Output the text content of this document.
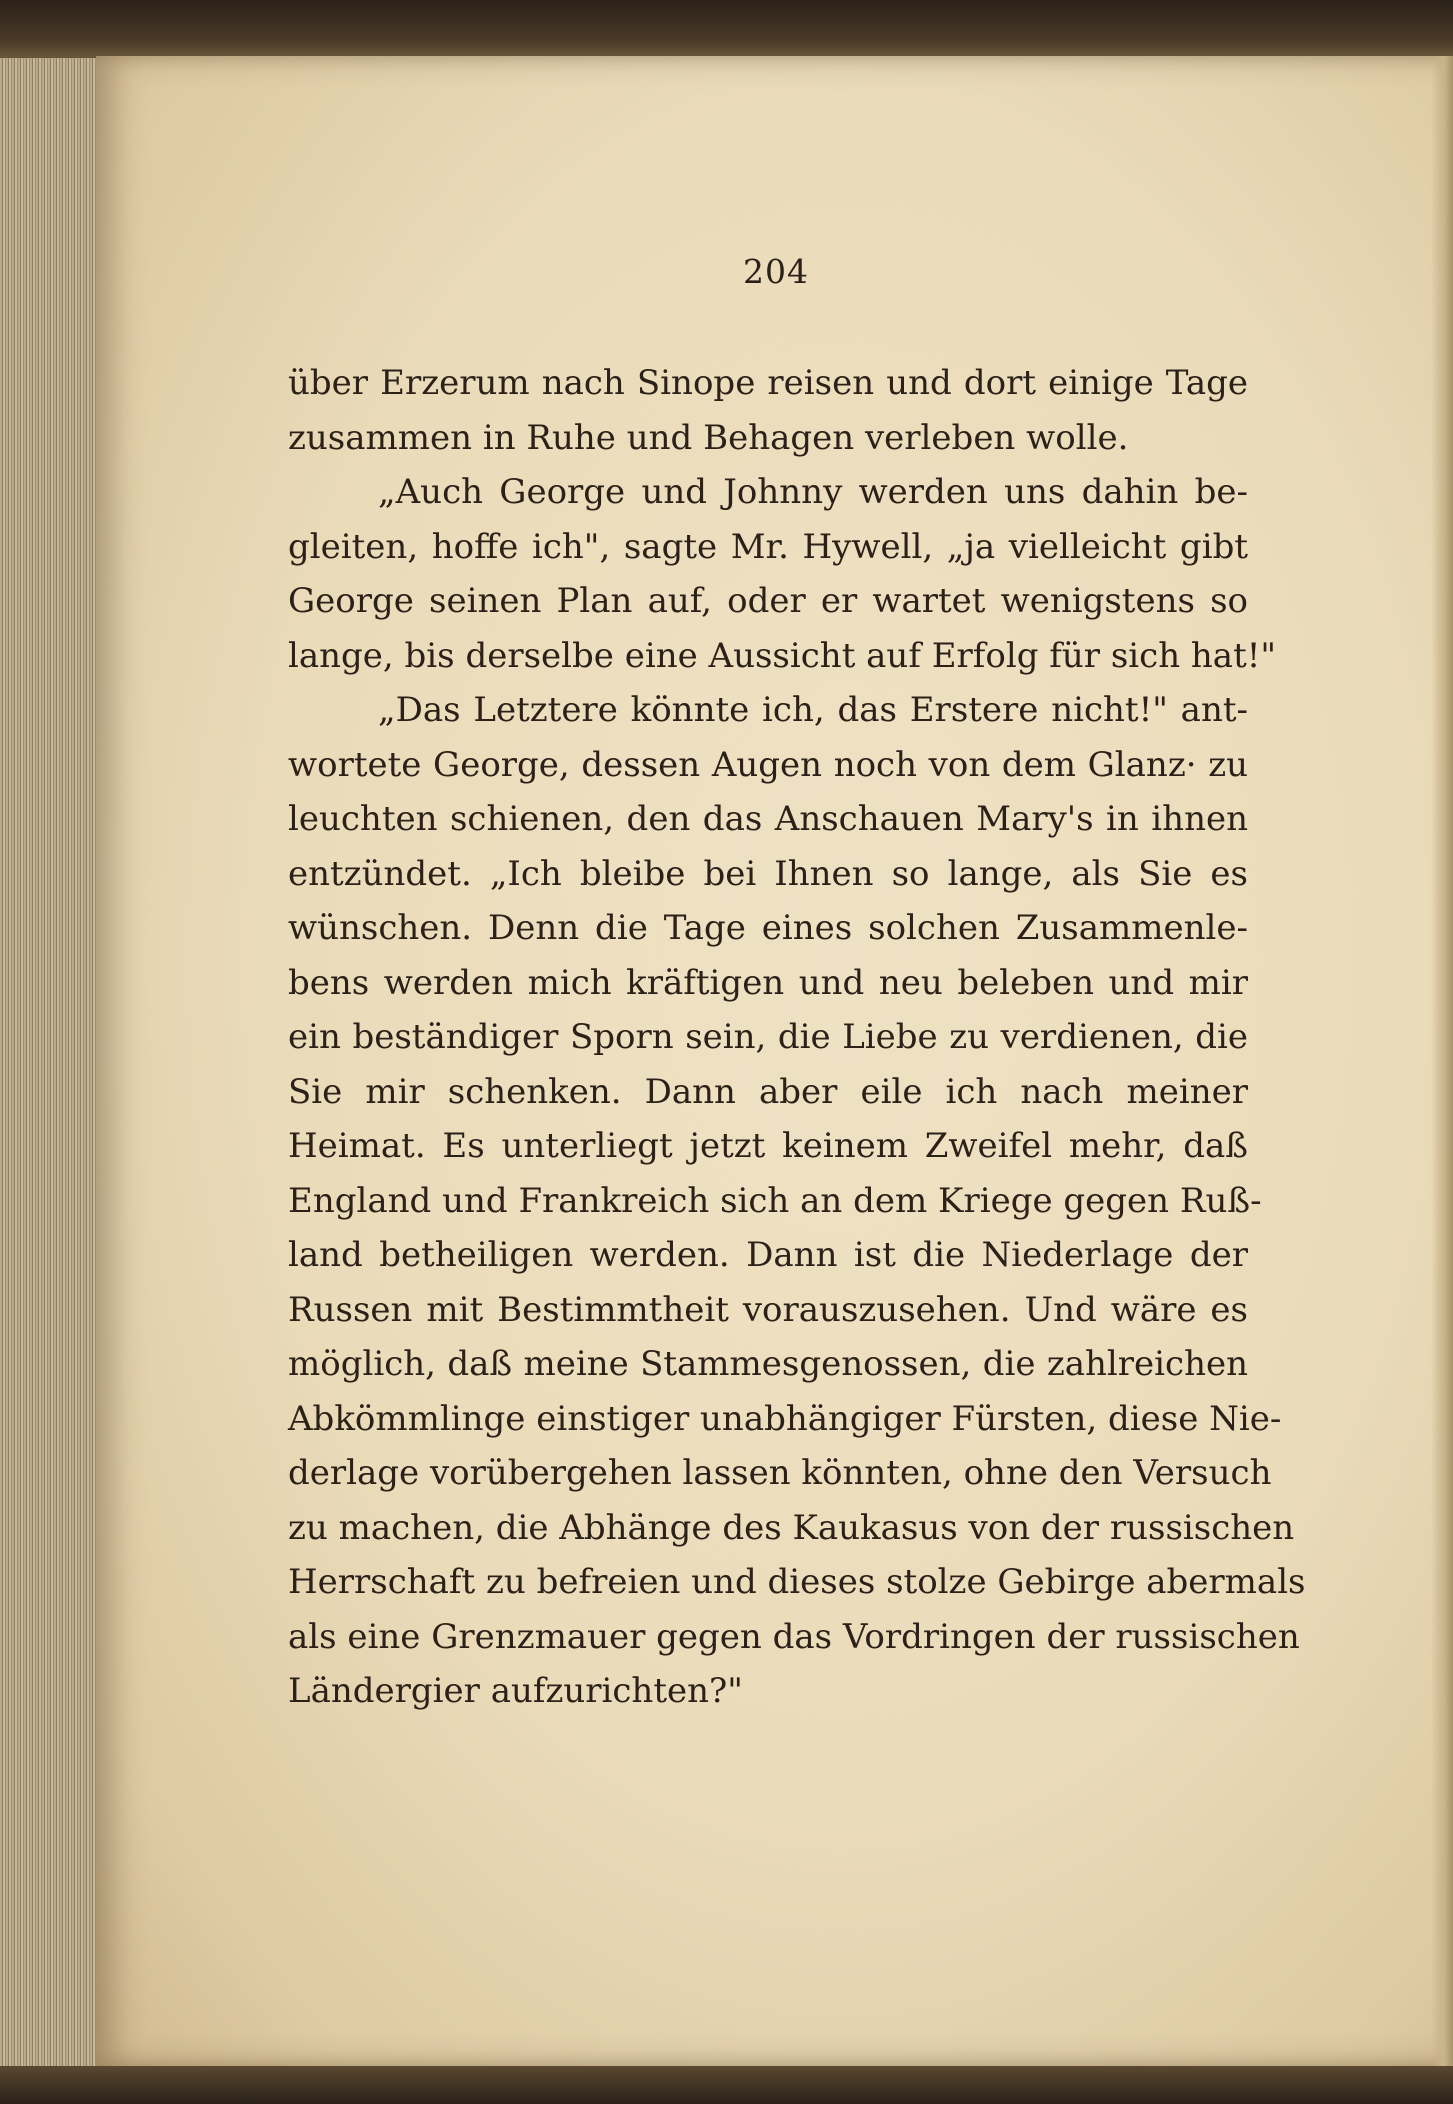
204
über Erzerum nach Sinope reisen und dort einige Tage
zusammen in Ruhe und Behagen verleben wolle.
„Auch George und Johnny werden uns dahin be-
gleiten, hoffe ich", sagte Mr. Hywell, „ja vielleicht gibt
George seinen Plan auf, oder er wartet wenigstens so
lange, bis derselbe eine Aussicht auf Erfolg für sich hat!"
„Das Letztere könnte ich, das Erstere nicht!" ant-
wortete George, dessen Augen noch von dem Glanz· zu
leuchten schienen, den das Anschauen Mary's in ihnen
entzündet. „Ich bleibe bei Ihnen so lange, als Sie es
wünschen. Denn die Tage eines solchen Zusammenle-
bens werden mich kräftigen und neu beleben und mir
ein beständiger Sporn sein, die Liebe zu verdienen, die
Sie mir schenken. Dann aber eile ich nach meiner
Heimat. Es unterliegt jetzt keinem Zweifel mehr, daß
England und Frankreich sich an dem Kriege gegen Ruß-
land betheiligen werden. Dann ist die Niederlage der
Russen mit Bestimmtheit vorauszusehen. Und wäre es
möglich, daß meine Stammesgenossen, die zahlreichen
Abkömmlinge einstiger unabhängiger Fürsten, diese Nie-
derlage vorübergehen lassen könnten, ohne den Versuch
zu machen, die Abhänge des Kaukasus von der russischen
Herrschaft zu befreien und dieses stolze Gebirge abermals
als eine Grenzmauer gegen das Vordringen der russischen
Ländergier aufzurichten?"
